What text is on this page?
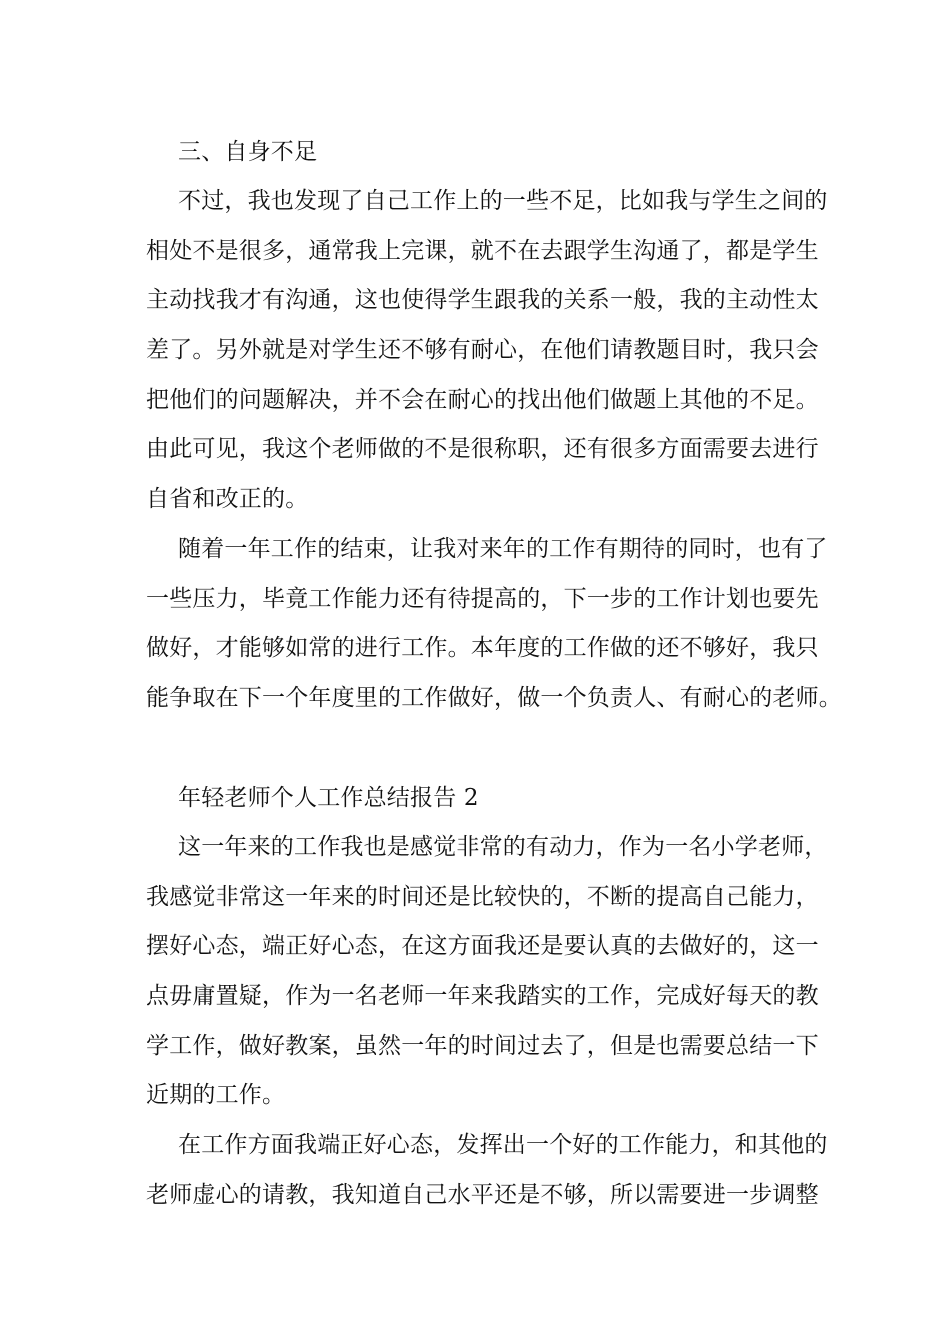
三、自身不足
不过，我也发现了自己工作上的一些不足，比如我与学生之间的
相处不是很多，通常我上完课，就不在去跟学生沟通了，都是学生
主动找我才有沟通，这也使得学生跟我的关系一般，我的主动性太
差了。另外就是对学生还不够有耐心，在他们请教题目时，我只会
把他们的问题解决，并不会在耐心的找出他们做题上其他的不足。
由此可见，我这个老师做的不是很称职，还有很多方面需要去进行
自省和改正的。
随着一年工作的结束，让我对来年的工作有期待的同时，也有了
一些压力，毕竟工作能力还有待提高的，下一步的工作计划也要先
做好，才能够如常的进行工作。本年度的工作做的还不够好，我只
能争取在下一个年度里的工作做好，做一个负责人、有耐心的老师。
年轻老师个人工作总结报告 2
这一年来的工作我也是感觉非常的有动力，作为一名小学老师，
我感觉非常这一年来的时间还是比较快的，不断的提高自己能力，
摆好心态，端正好心态，在这方面我还是要认真的去做好的，这一
点毋庸置疑，作为一名老师一年来我踏实的工作，完成好每天的教
学工作，做好教案，虽然一年的时间过去了，但是也需要总结一下
近期的工作。
在工作方面我端正好心态，发挥出一个好的工作能力，和其他的
老师虚心的请教，我知道自己水平还是不够，所以需要进一步调整
